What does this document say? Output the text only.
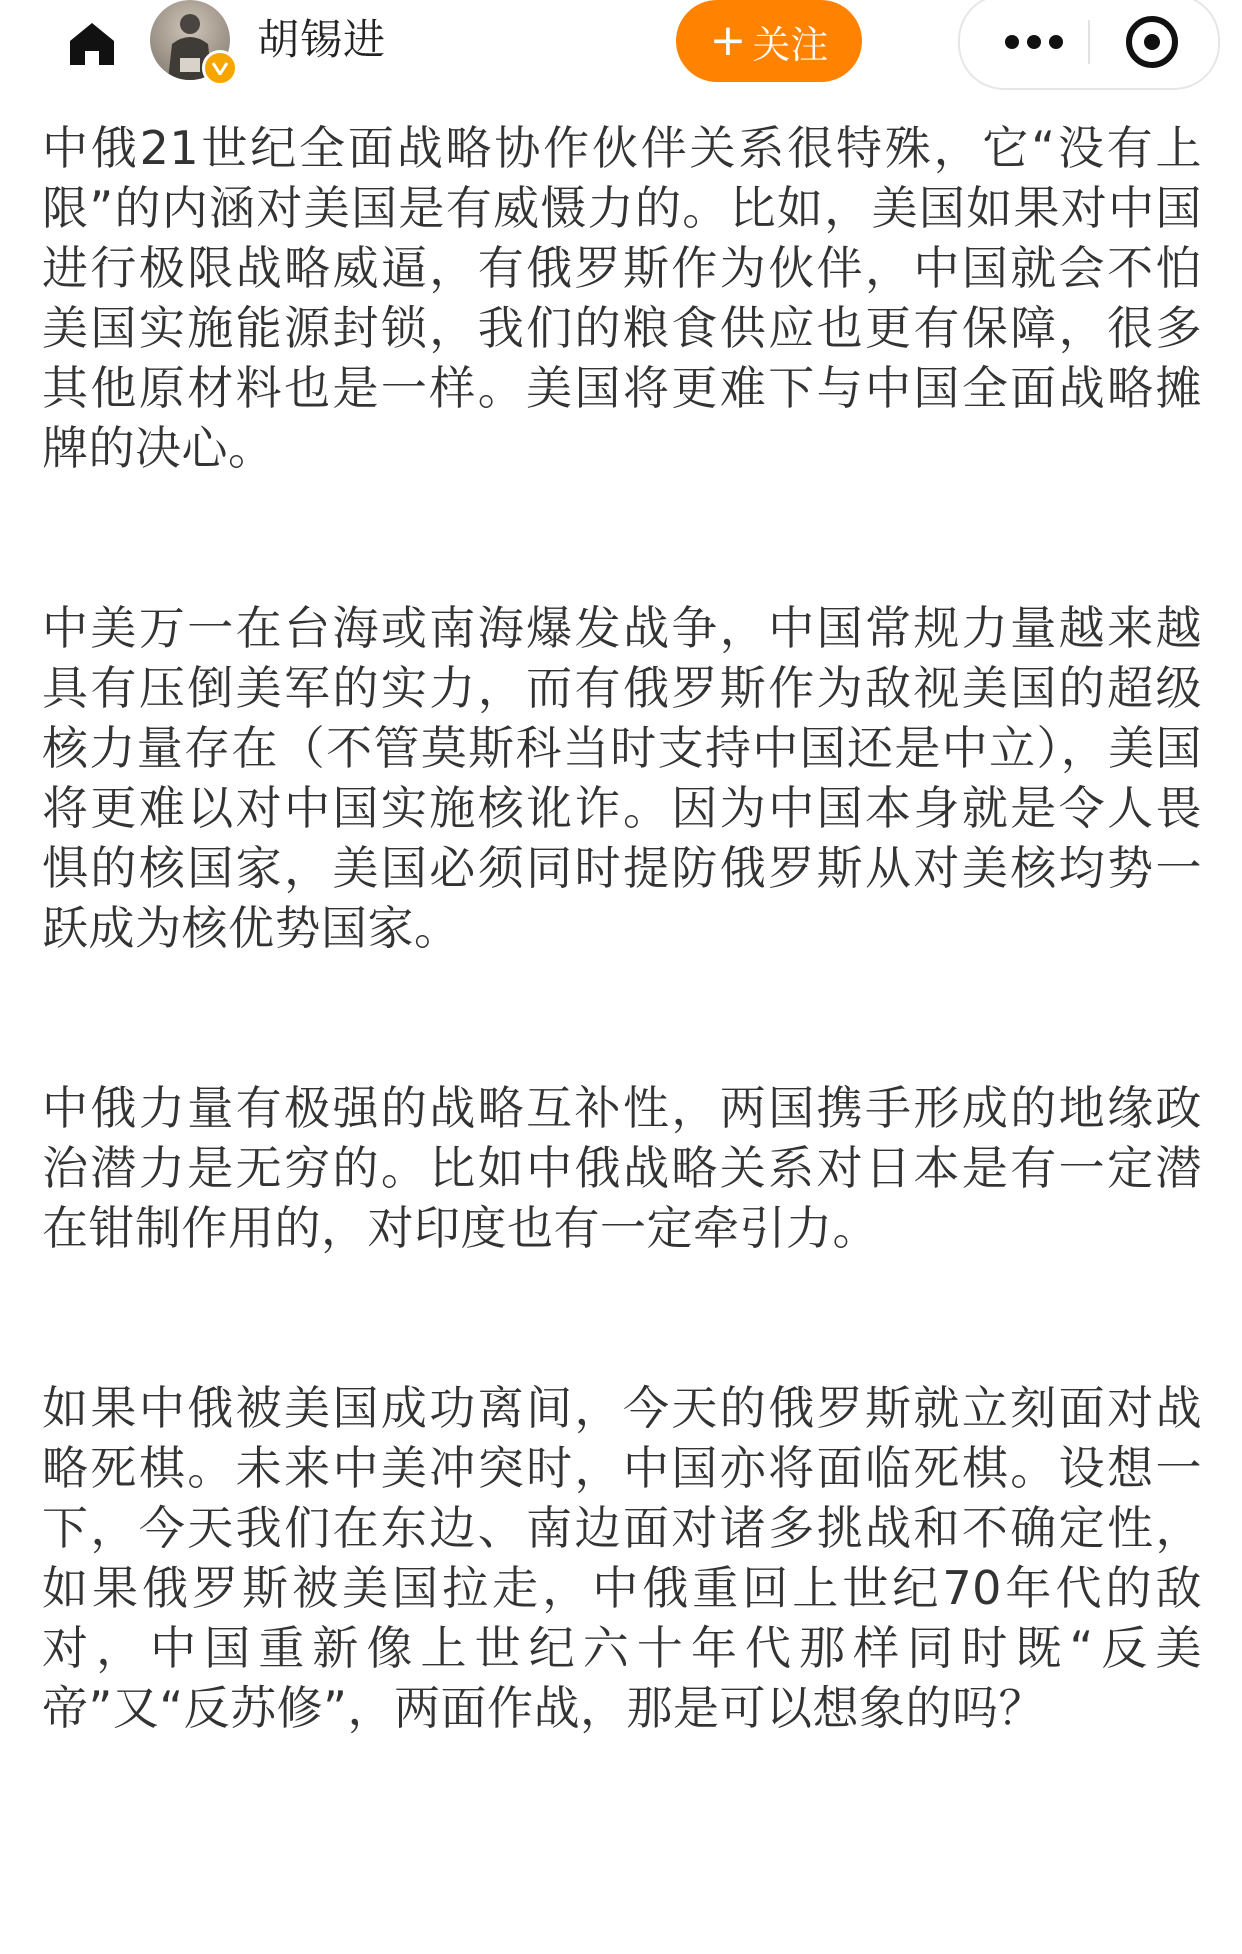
胡锡进	+ 关注

中俄21世纪全面战略协作伙伴关系很特殊，它“没有上限”的内涵对美国是有威慑力的。比如，美国如果对中国进行极限战略威逼，有俄罗斯作为伙伴，中国就会不怕美国实施能源封锁，我们的粮食供应也更有保障，很多其他原材料也是一样。美国将更难下与中国全面战略摊牌的决心。

中美万一在台海或南海爆发战争，中国常规力量越来越具有压倒美军的实力，而有俄罗斯作为敌视美国的超级核力量存在（不管莫斯科当时支持中国还是中立），美国将更难以对中国实施核讹诈。因为中国本身就是令人畏惧的核国家，美国必须同时提防俄罗斯从对美核均势一跃成为核优势国家。

中俄力量有极强的战略互补性，两国携手形成的地缘政治潜力是无穷的。比如中俄战略关系对日本是有一定潜在钳制作用的，对印度也有一定牵引力。

如果中俄被美国成功离间，今天的俄罗斯就立刻面对战略死棋。未来中美冲突时，中国亦将面临死棋。设想一下，今天我们在东边、南边面对诸多挑战和不确定性，如果俄罗斯被美国拉走，中俄重回上世纪70年代的敌对，中国重新像上世纪六十年代那样同时既“反美帝”又“反苏修”，两面作战，那是可以想象的吗？
